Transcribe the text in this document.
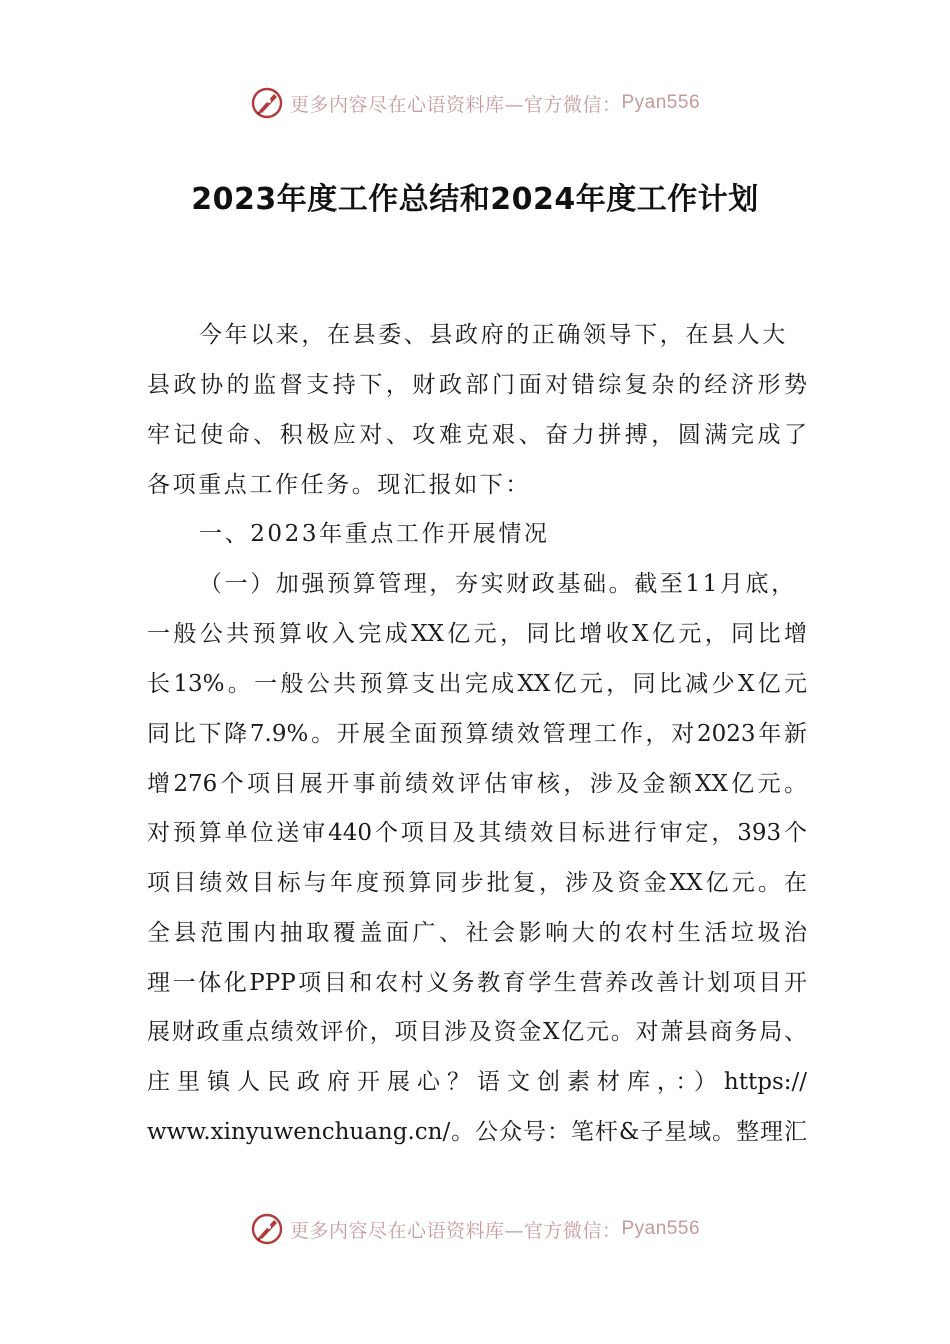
更多内容尽在心语资料库—官方微信： Pyan556
2023年度工作总结和2024年度工作计划
今年以来，在县委、县政府的正确领导下，在县人大
县政协的监督支持下，财政部门面对错综复杂的经济形势
牢记使命、积极应对、攻难克艰、奋力拼搏，圆满完成了
各项重点工作任务。现汇报如下：
一、2023年重点工作开展情况
（一）加强预算管理，夯实财政基础。截至11月底，
一般公共预算收入完成XX亿元，同比增收X亿元，同比增
长13%。一般公共预算支出完成XX亿元，同比减少X亿元
同比下降7.9%。开展全面预算绩效管理工作，对2023年新
增276个项目展开事前绩效评估审核，涉及金额XX亿元。
对预算单位送审440个项目及其绩效目标进行审定，393个
项目绩效目标与年度预算同步批复，涉及资金XX亿元。在
全县范围内抽取覆盖面广、社会影响大的农村生活垃圾治
理一体化PPP项目和农村义务教育学生营养改善计划项目开
展财政重点绩效评价，项目涉及资金X亿元。对萧县商务局、
庄里镇人民政府开展心？语文创素材库，：）https://
www.xinyuwenchuang.cn/。公众号：笔杆&子星域。整理汇
更多内容尽在心语资料库—官方微信： Pyan556
